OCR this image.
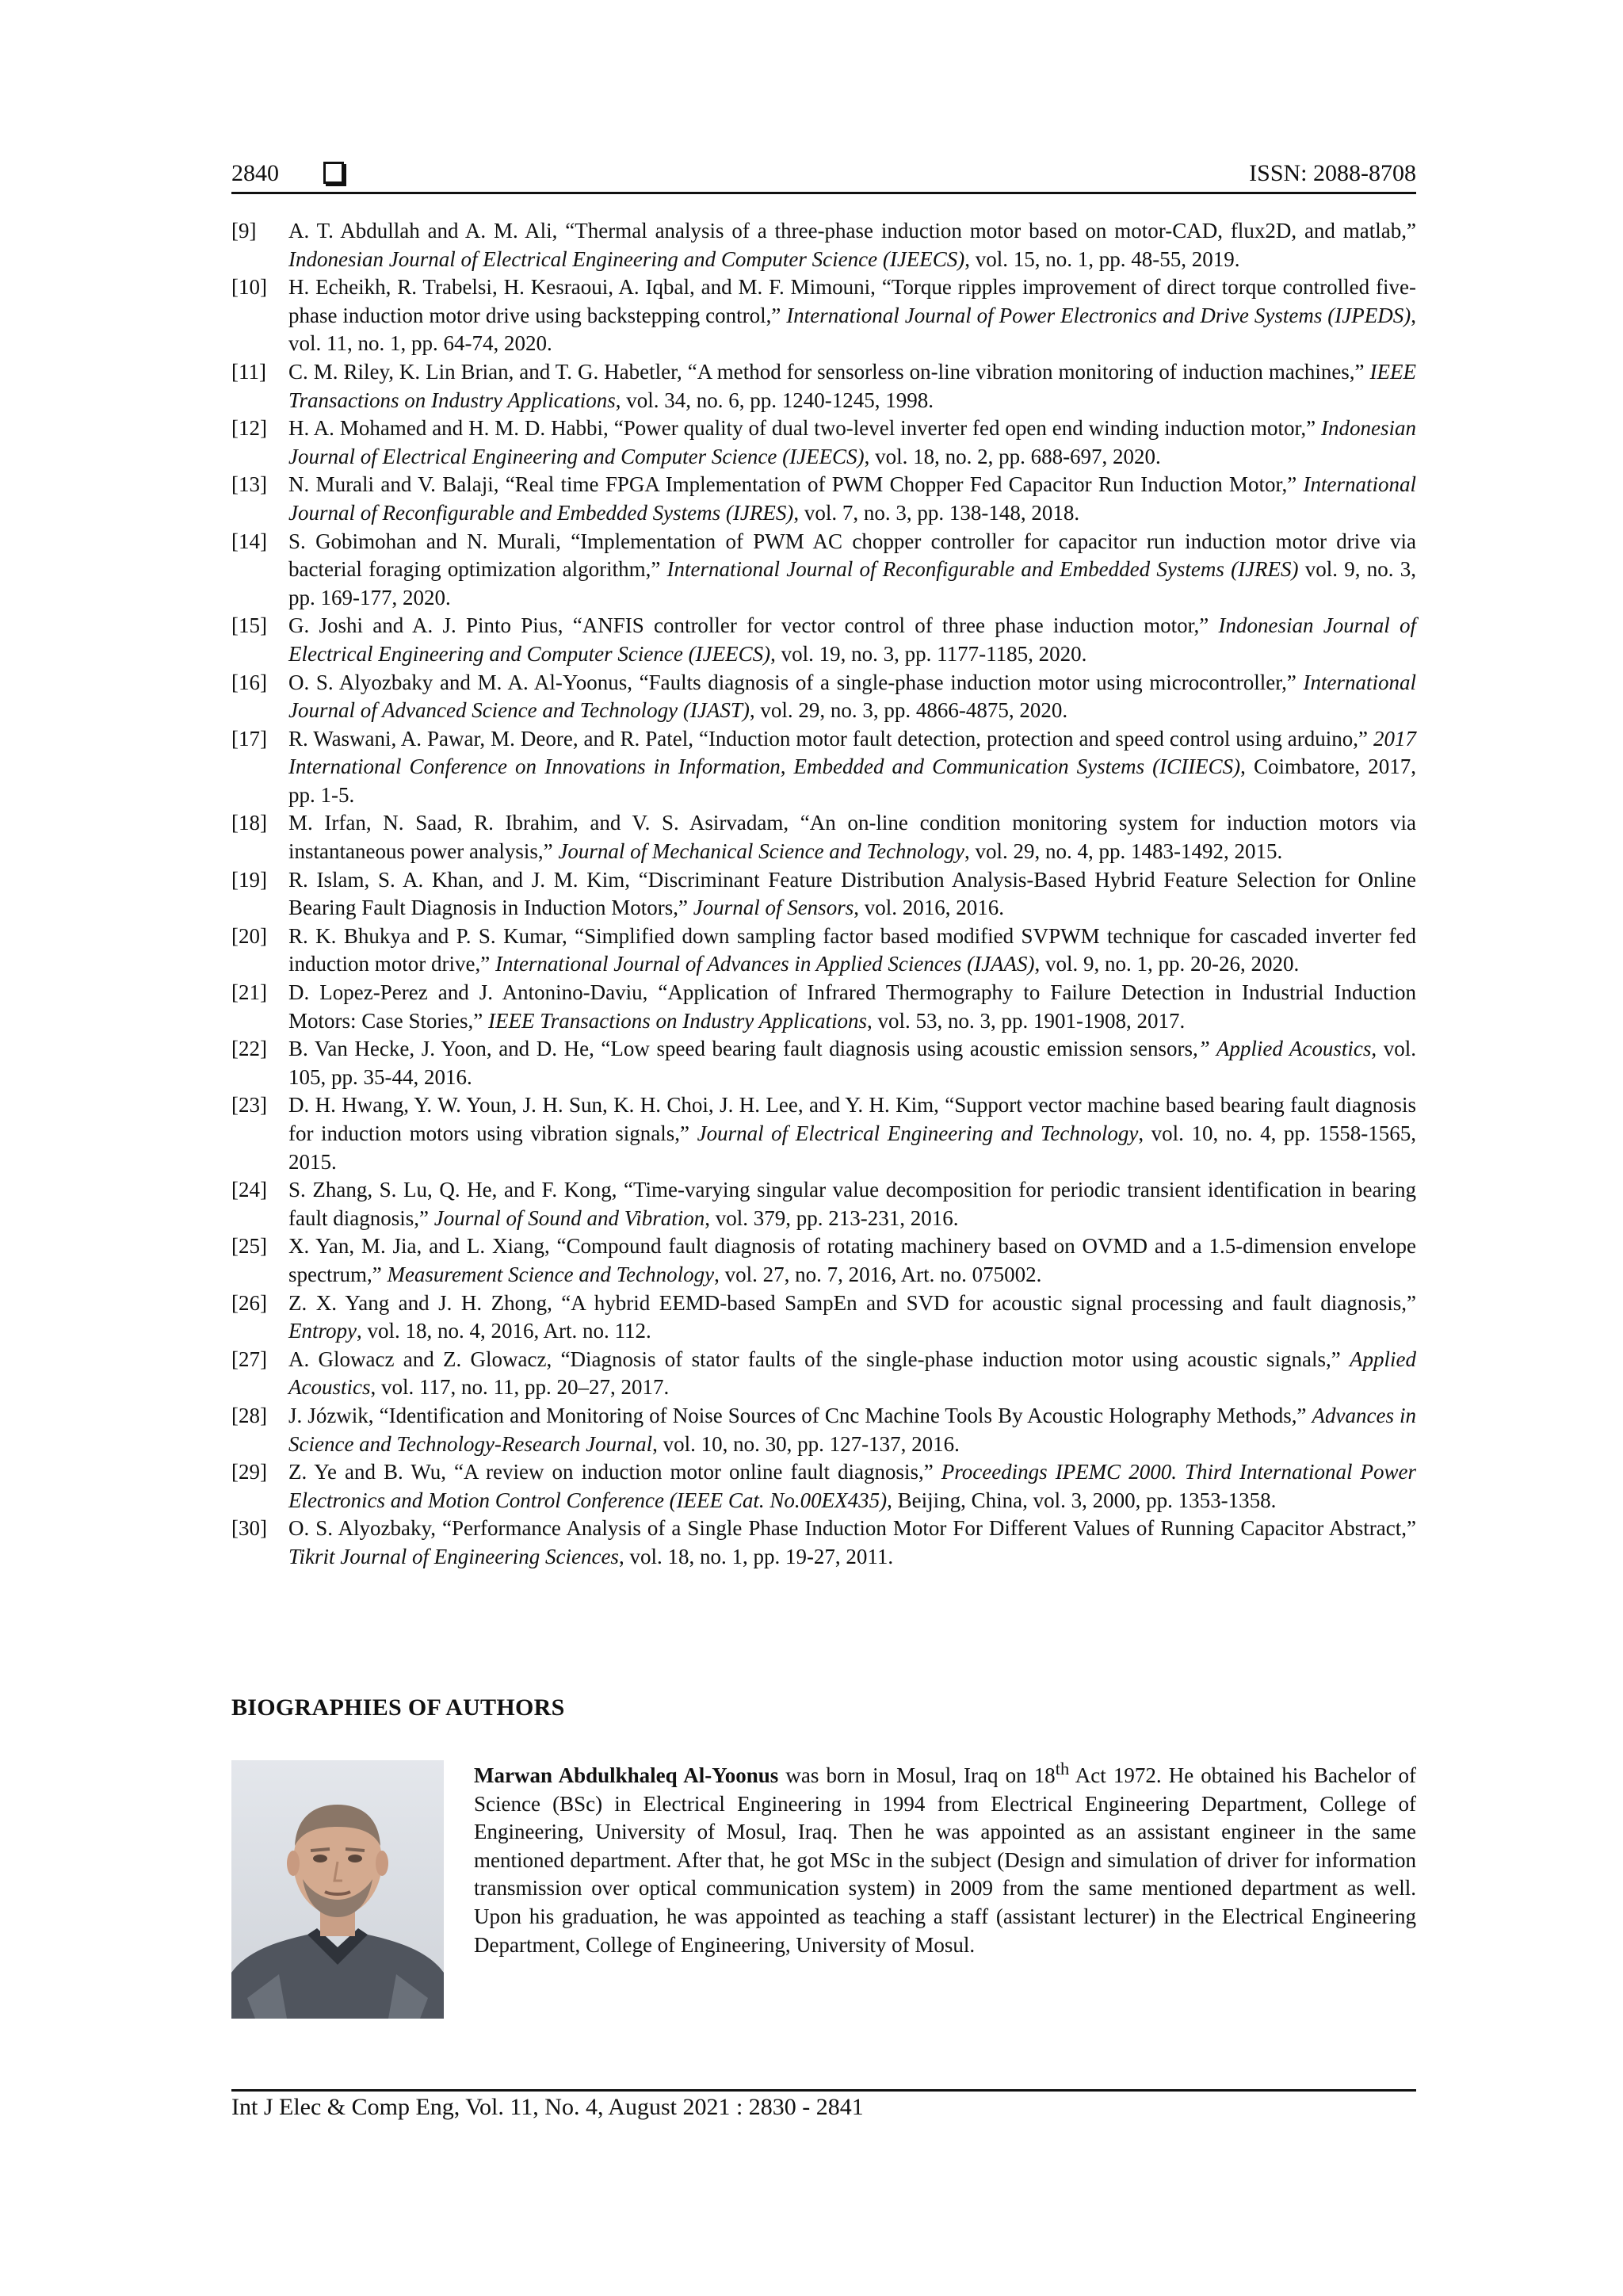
2840	ISSN: 2088-8708
[9]	A. T. Abdullah and A. M. Ali, “Thermal analysis of a three-phase induction motor based on motor-CAD, flux2D, and matlab,” Indonesian Journal of Electrical Engineering and Computer Science (IJEECS), vol. 15, no. 1, pp. 48-55, 2019.
[10]	H. Echeikh, R. Trabelsi, H. Kesraoui, A. Iqbal, and M. F. Mimouni, “Torque ripples improvement of direct torque controlled five-phase induction motor drive using backstepping control,” International Journal of Power Electronics and Drive Systems (IJPEDS), vol. 11, no. 1, pp. 64-74, 2020.
[11]	C. M. Riley, K. Lin Brian, and T. G. Habetler, “A method for sensorless on-line vibration monitoring of induction machines,” IEEE Transactions on Industry Applications, vol. 34, no. 6, pp. 1240-1245, 1998.
[12]	H. A. Mohamed and H. M. D. Habbi, “Power quality of dual two-level inverter fed open end winding induction motor,” Indonesian Journal of Electrical Engineering and Computer Science (IJEECS), vol. 18, no. 2, pp. 688-697, 2020.
[13]	N. Murali and V. Balaji, “Real time FPGA Implementation of PWM Chopper Fed Capacitor Run Induction Motor,” International Journal of Reconfigurable and Embedded Systems (IJRES), vol. 7, no. 3, pp. 138-148, 2018.
[14]	S. Gobimohan and N. Murali, “Implementation of PWM AC chopper controller for capacitor run induction motor drive via bacterial foraging optimization algorithm,” International Journal of Reconfigurable and Embedded Systems (IJRES) vol. 9, no. 3, pp. 169-177, 2020.
[15]	G. Joshi and A. J. Pinto Pius, “ANFIS controller for vector control of three phase induction motor,” Indonesian Journal of Electrical Engineering and Computer Science (IJEECS), vol. 19, no. 3, pp. 1177-1185, 2020.
[16]	O. S. Alyozbaky and M. A. Al-Yoonus, “Faults diagnosis of a single-phase induction motor using microcontroller,” International Journal of Advanced Science and Technology (IJAST), vol. 29, no. 3, pp. 4866-4875, 2020.
[17]	R. Waswani, A. Pawar, M. Deore, and R. Patel, “Induction motor fault detection, protection and speed control using arduino,” 2017 International Conference on Innovations in Information, Embedded and Communication Systems (ICIIECS), Coimbatore, 2017, pp. 1-5.
[18]	M. Irfan, N. Saad, R. Ibrahim, and V. S. Asirvadam, “An on-line condition monitoring system for induction motors via instantaneous power analysis,” Journal of Mechanical Science and Technology, vol. 29, no. 4, pp. 1483-1492, 2015.
[19]	R. Islam, S. A. Khan, and J. M. Kim, “Discriminant Feature Distribution Analysis-Based Hybrid Feature Selection for Online Bearing Fault Diagnosis in Induction Motors,” Journal of Sensors, vol. 2016, 2016.
[20]	R. K. Bhukya and P. S. Kumar, “Simplified down sampling factor based modified SVPWM technique for cascaded inverter fed induction motor drive,” International Journal of Advances in Applied Sciences (IJAAS), vol. 9, no. 1, pp. 20-26, 2020.
[21]	D. Lopez-Perez and J. Antonino-Daviu, “Application of Infrared Thermography to Failure Detection in Industrial Induction Motors: Case Stories,” IEEE Transactions on Industry Applications, vol. 53, no. 3, pp. 1901-1908, 2017.
[22]	B. Van Hecke, J. Yoon, and D. He, “Low speed bearing fault diagnosis using acoustic emission sensors,” Applied Acoustics, vol. 105, pp. 35-44, 2016.
[23]	D. H. Hwang, Y. W. Youn, J. H. Sun, K. H. Choi, J. H. Lee, and Y. H. Kim, “Support vector machine based bearing fault diagnosis for induction motors using vibration signals,” Journal of Electrical Engineering and Technology, vol. 10, no. 4, pp. 1558-1565, 2015.
[24]	S. Zhang, S. Lu, Q. He, and F. Kong, “Time-varying singular value decomposition for periodic transient identification in bearing fault diagnosis,” Journal of Sound and Vibration, vol. 379, pp. 213-231, 2016.
[25]	X. Yan, M. Jia, and L. Xiang, “Compound fault diagnosis of rotating machinery based on OVMD and a 1.5-dimension envelope spectrum,” Measurement Science and Technology, vol. 27, no. 7, 2016, Art. no. 075002.
[26]	Z. X. Yang and J. H. Zhong, “A hybrid EEMD-based SampEn and SVD for acoustic signal processing and fault diagnosis,” Entropy, vol. 18, no. 4, 2016, Art. no. 112.
[27]	A. Glowacz and Z. Glowacz, “Diagnosis of stator faults of the single-phase induction motor using acoustic signals,” Applied Acoustics, vol. 117, no. 11, pp. 20–27, 2017.
[28]	J. Józwik, “Identification and Monitoring of Noise Sources of Cnc Machine Tools By Acoustic Holography Methods,” Advances in Science and Technology-Research Journal, vol. 10, no. 30, pp. 127-137, 2016.
[29]	Z. Ye and B. Wu, “A review on induction motor online fault diagnosis,” Proceedings IPEMC 2000. Third International Power Electronics and Motion Control Conference (IEEE Cat. No.00EX435), Beijing, China, vol. 3, 2000, pp. 1353-1358.
[30]	O. S. Alyozbaky, “Performance Analysis of a Single Phase Induction Motor For Different Values of Running Capacitor Abstract,” Tikrit Journal of Engineering Sciences, vol. 18, no. 1, pp. 19-27, 2011.
BIOGRAPHIES OF AUTHORS
Marwan Abdulkhaleq Al-Yoonus was born in Mosul, Iraq on 18th Act 1972. He obtained his Bachelor of Science (BSc) in Electrical Engineering in 1994 from Electrical Engineering Department, College of Engineering, University of Mosul, Iraq. Then he was appointed as an assistant engineer in the same mentioned department. After that, he got MSc in the subject (Design and simulation of driver for information transmission over optical communication system) in 2009 from the same mentioned department as well. Upon his graduation, he was appointed as teaching a staff (assistant lecturer) in the Electrical Engineering Department, College of Engineering, University of Mosul.
Int J Elec & Comp Eng, Vol. 11, No. 4, August 2021 : 2830 - 2841
